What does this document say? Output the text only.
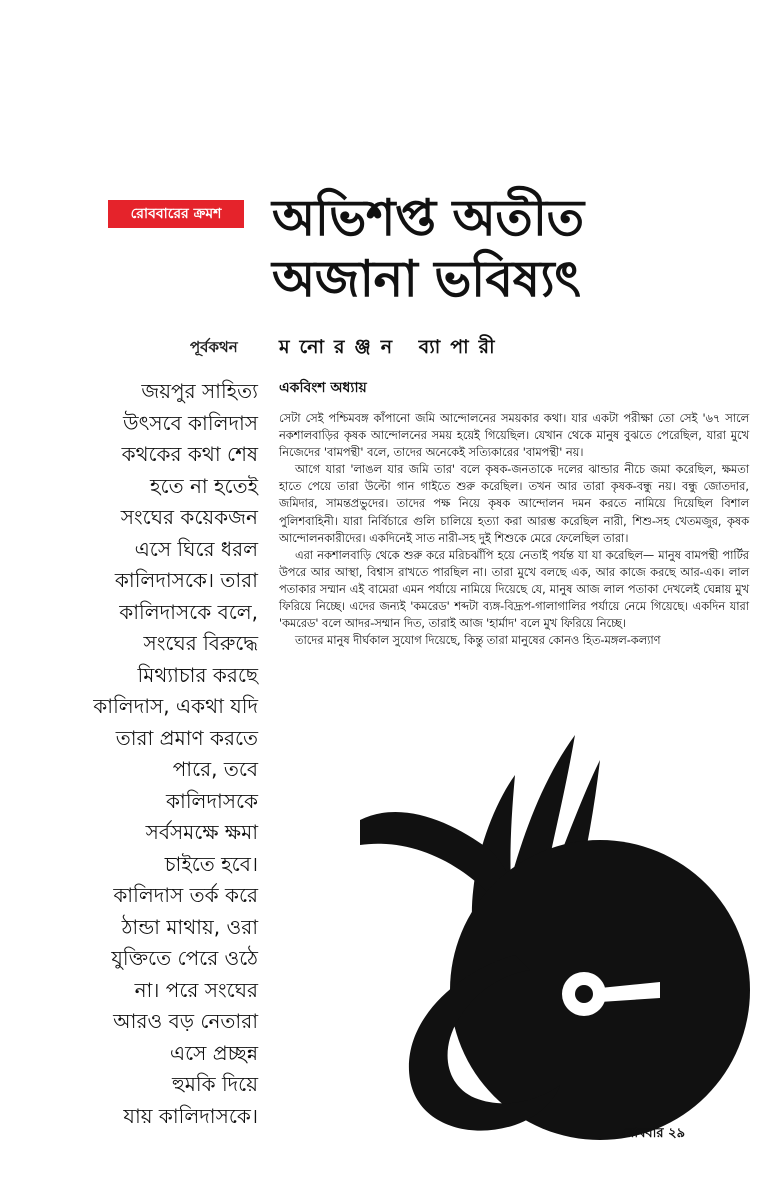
রোববারের ক্রমশ	অভিশপ্ত অতীত
অজানা ভবিষ্যৎ
পূর্বকথন মনোরঞ্জন ব্যাপারী
জয়পুর সাহিত্য
উৎসবে কালিদাস
কথকের কথা শেষ
হতে না হতেই
সংঘের কয়েকজন
এসে ঘিরে ধরল
কালিদাসকে। তারা
কালিদাসকে বলে,
সংঘের বিরুদ্ধে
মিথ্যাচার করছে
কালিদাস, একথা যদি
তারা প্রমাণ করতে
পারে, তবে
কালিদাসকে
সর্বসমক্ষে ক্ষমা
চাইতে হবে।
কালিদাস তর্ক করে
ঠান্ডা মাথায়, ওরা
যুক্তিতে পেরে ওঠে
না। পরে সংঘের
আরও বড় নেতারা
এসে প্রচ্ছন্ন
হুমকি দিয়ে
যায় কালিদাসকে।
একবিংশ অধ্যায়

সেটা সেই পশ্চিমবঙ্গ কাঁপানো জমি আন্দোলনের সময়কার কথা। যার একটা পরীক্ষা তো সেই '৬৭ সালে নকশালবাড়ির কৃষক আন্দোলনের সময় হয়েই গিয়েছিল। যেখান থেকে মানুষ বুঝতে পেরেছিল, যারা মুখে নিজেদের 'বামপন্থী' বলে, তাদের অনেকেই সত্যিকারের 'বামপন্থী' নয়।

আগে যারা 'লাঙল যার জমি তার' বলে কৃষক-জনতাকে দলের ঝান্ডার নীচে জমা করেছিল, ক্ষমতা হাতে পেয়ে তারা উল্টো গান গাইতে শুরু করেছিল। তখন আর তারা কৃষক-বন্ধু নয়। বন্ধু জোতদার, জমিদার, সামন্তপ্রভুদের। তাদের পক্ষ নিয়ে কৃষক আন্দোলন দমন করতে নামিয়ে দিয়েছিল বিশাল পুলিশবাহিনী। যারা নির্বিচারে গুলি চালিয়ে হত্যা করা আরম্ভ করেছিল নারী, শিশু-সহ খেতমজুর, কৃষক আন্দোলনকারীদের। একদিনেই সাত নারী-সহ দুই শিশুকে মেরে ফেলেছিল তারা।

এরা নকশালবাড়ি থেকে শুরু করে মরিচঝাঁপি হয়ে নেতাই পর্যন্ত যা যা করেছিল— মানুষ বামপন্থী পার্টির উপরে আর আস্থা, বিশ্বাস রাখতে পারছিল না। তারা মুখে বলছে এক, আর কাজে করছে আর-এক। লাল পতাকার সম্মান এই বামেরা এমন পর্যায়ে নামিয়ে দিয়েছে যে, মানুষ আজ লাল পতাকা দেখলেই ঘেন্নায় মুখ ফিরিয়ে নিচ্ছে। এদের জন্যই 'কমরেড' শব্দটা ব্যঙ্গ-বিদ্রূপ-গালাগালির পর্যায়ে নেমে গিয়েছে। একদিন যারা 'কমরেড' বলে আদর-সম্মান দিত, তারাই আজ 'হার্মাদ' বলে মুখ ফিরিয়ে নিচ্ছে।

তাদের মানুষ দীর্ঘকাল সুযোগ দিয়েছে, কিন্তু তারা মানুষের কোনও হিত-মঙ্গল-কল্যাণ

রোববার ২৯
